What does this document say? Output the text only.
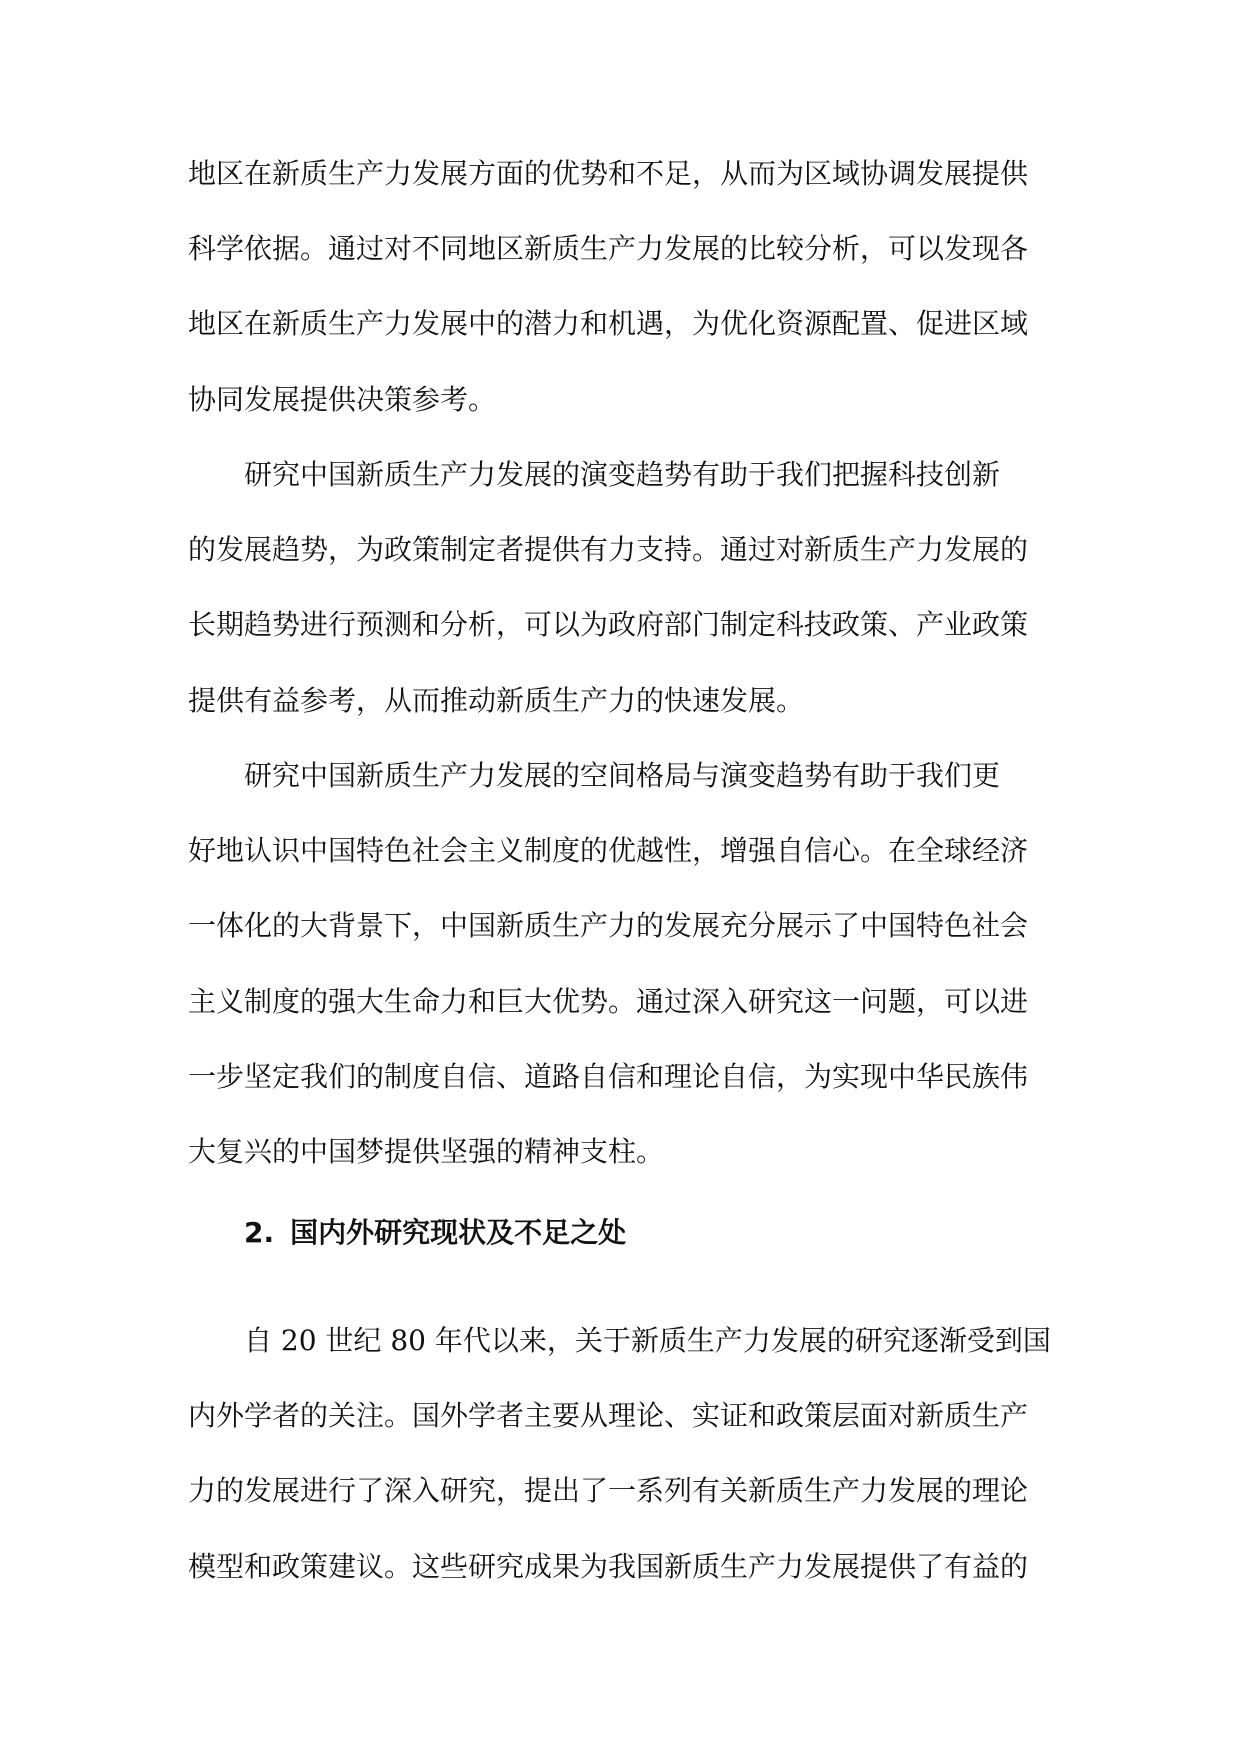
地区在新质生产力发展方面的优势和不足，从而为区域协调发展提供
科学依据。通过对不同地区新质生产力发展的比较分析，可以发现各
地区在新质生产力发展中的潜力和机遇，为优化资源配置、促进区域
协同发展提供决策参考。
研究中国新质生产力发展的演变趋势有助于我们把握科技创新
的发展趋势，为政策制定者提供有力支持。通过对新质生产力发展的
长期趋势进行预测和分析，可以为政府部门制定科技政策、产业政策
提供有益参考，从而推动新质生产力的快速发展。
研究中国新质生产力发展的空间格局与演变趋势有助于我们更
好地认识中国特色社会主义制度的优越性，增强自信心。在全球经济
一体化的大背景下，中国新质生产力的发展充分展示了中国特色社会
主义制度的强大生命力和巨大优势。通过深入研究这一问题，可以进
一步坚定我们的制度自信、道路自信和理论自信，为实现中华民族伟
大复兴的中国梦提供坚强的精神支柱。
2. 国内外研究现状及不足之处
自 20 世纪 80 年代以来，关于新质生产力发展的研究逐渐受到国
内外学者的关注。国外学者主要从理论、实证和政策层面对新质生产
力的发展进行了深入研究，提出了一系列有关新质生产力发展的理论
模型和政策建议。这些研究成果为我国新质生产力发展提供了有益的
